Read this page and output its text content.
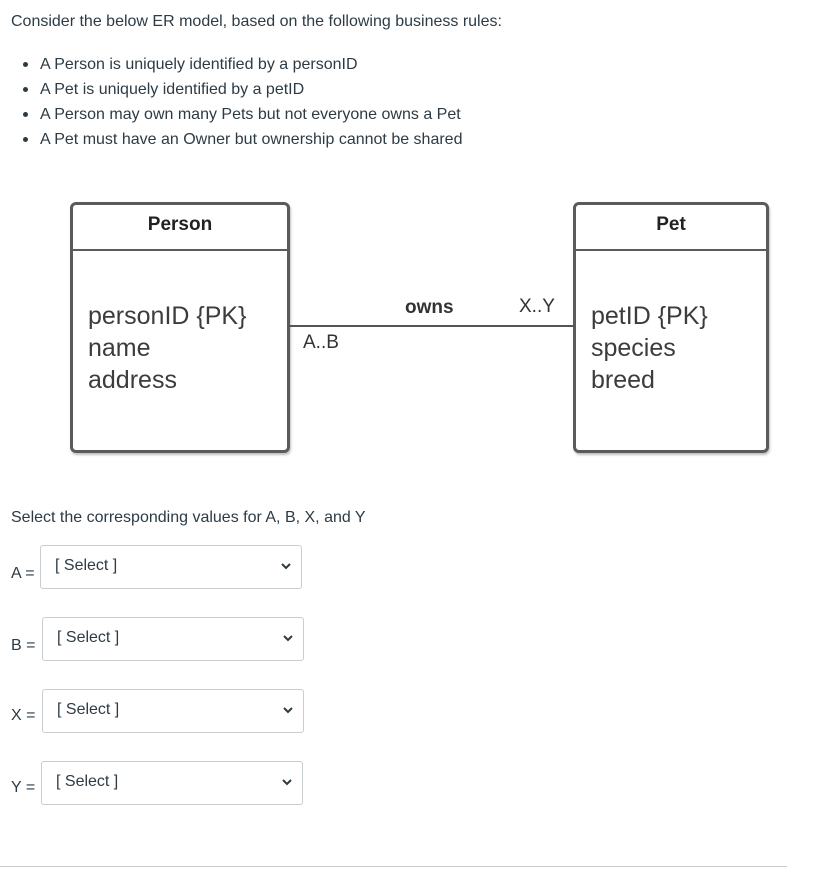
Consider the below ER model, based on the following business rules:
A Person is uniquely identified by a personID
A Pet is uniquely identified by a petID
A Person may own many Pets but not everyone owns a Pet
A Pet must have an Owner but ownership cannot be shared
Person
personID {PK}
name
address
Pet
petID {PK}
species
breed
owns
A..B
X..Y
Select the corresponding values for A, B, X, and Y
A = [ Select ]
B = [ Select ]
X = [ Select ]
Y = [ Select ]
